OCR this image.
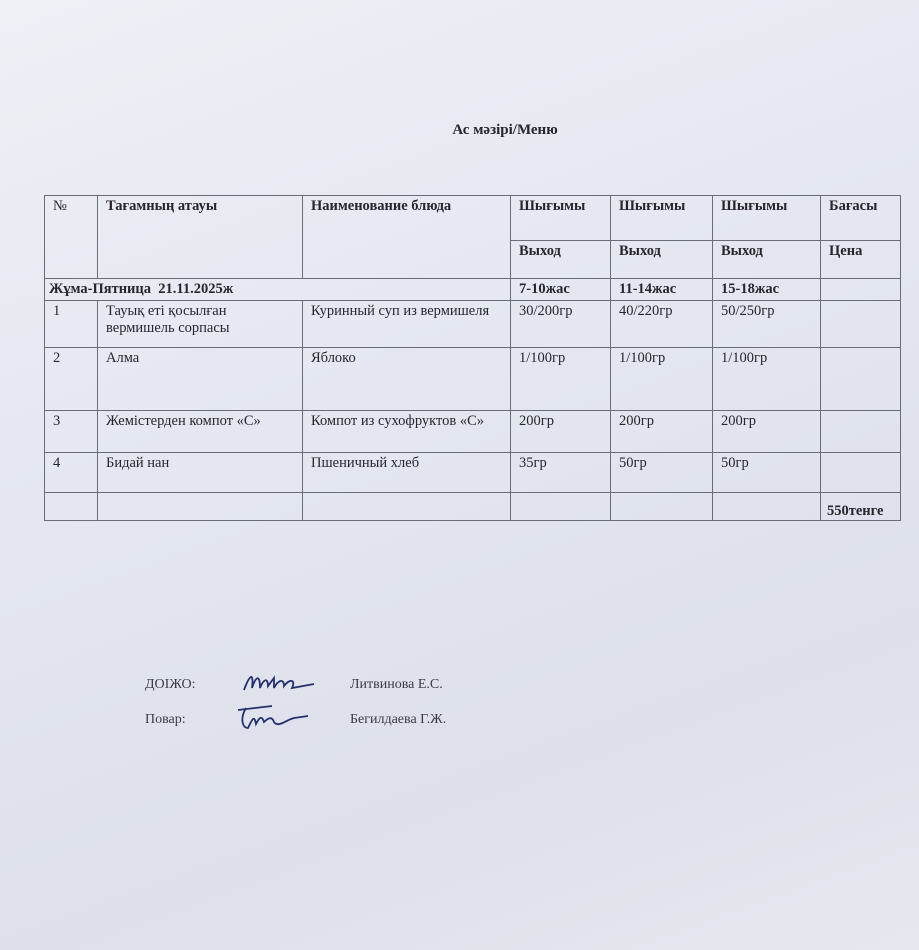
Ас мәзірі/Меню
№	Тағамның атауы	Наименование блюда	Шығымы	Шығымы	Шығымы	Бағасы
			Выход	Выход	Выход	Цена
Жұма-Пятница  21.11.2025ж			7-10жас	11-14жас	15-18жас	
1	Тауық еті қосылған вермишель сорпасы	Куринный суп из вермишеля	30/200гр	40/220гр	50/250гр	
2	Алма	Яблоко	1/100гр	1/100гр	1/100гр	
3	Жемістерден компот «С»	Компот из сухофруктов «С»	200гр	200гр	200гр	
4	Бидай нан	Пшеничный хлеб	35гр	50гр	50гр	
						550тенге
ДОІЖО:	Литвинова Е.С.
Повар:	Бегилдаева Г.Ж.
